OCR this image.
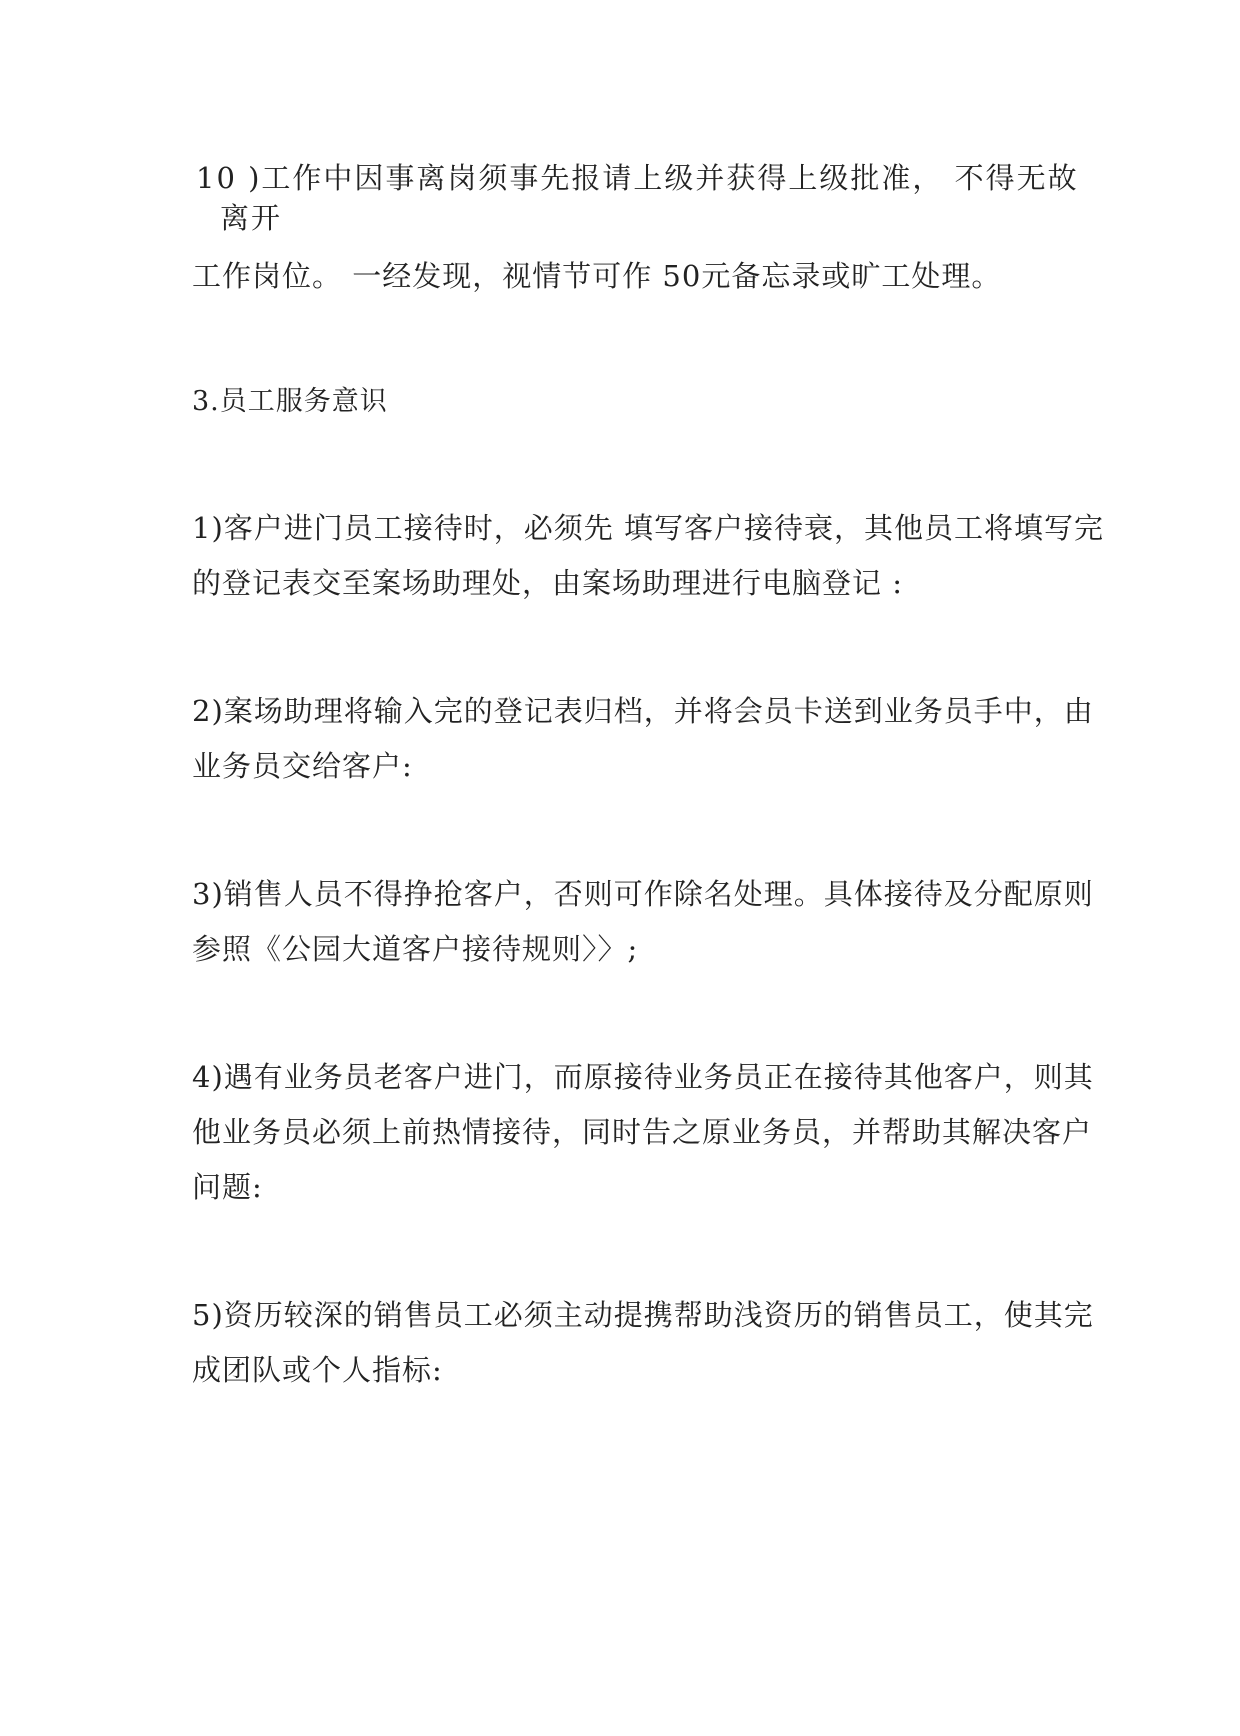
10 )工作中因事离岗须事先报请上级并获得上级批准， 不得无故
离开
工作岗位。 一经发现，视情节可作 50元备忘录或旷工处理。
3.员工服务意识
1)客户进门员工接待时，必须先 填写客户接待衰，其他员工将填写完
的登记表交至案场助理处，由案场助理进行电脑登记 :
2)案场助理将输入完的登记表归档，并将会员卡送到业务员手中，由
业务员交给客户:
3)销售人员不得挣抢客户，否则可作除名处理。具体接待及分配原则
参照《公园大道客户接待规则〉〉;
4)遇有业务员老客户进门，而原接待业务员正在接待其他客户，则其
他业务员必须上前热情接待，同时告之原业务员，并帮助其解决客户
问题:
5)资历较深的销售员工必须主动提携帮助浅资历的销售员工，使其完
成团队或个人指标:
